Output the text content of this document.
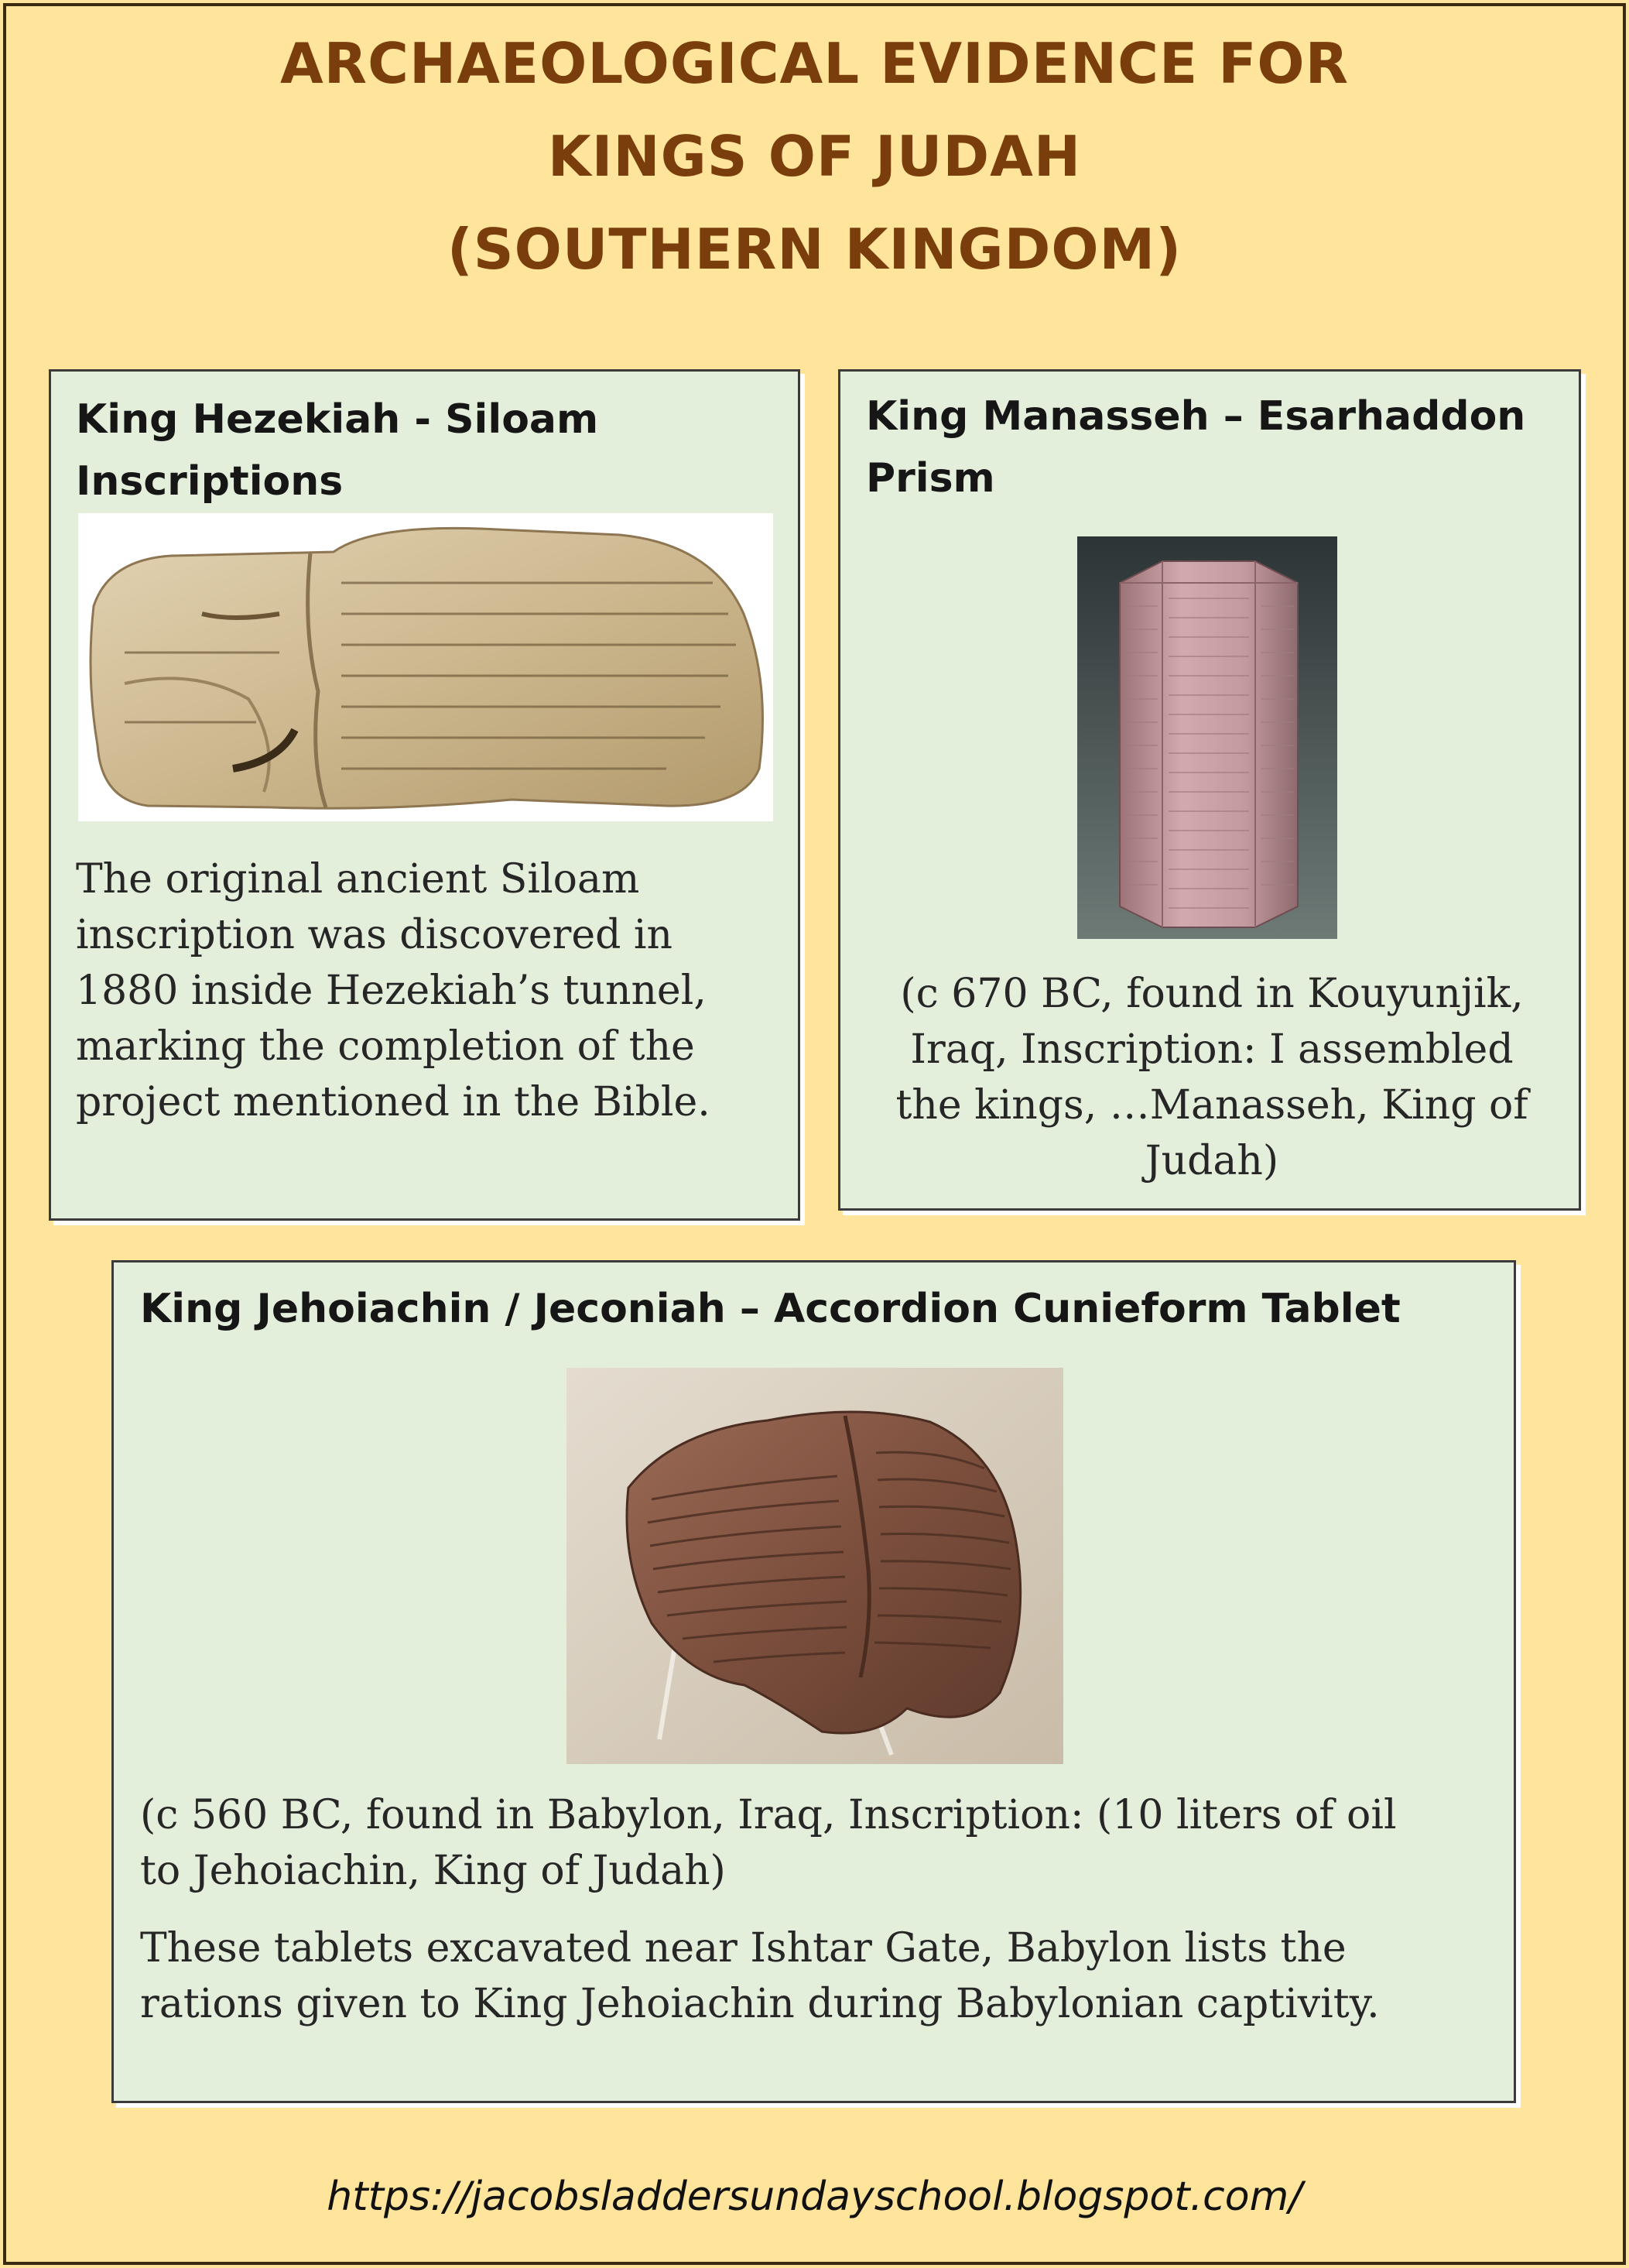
ARCHAEOLOGICAL EVIDENCE FOR
KINGS OF JUDAH
(SOUTHERN KINGDOM)
King Hezekiah - Siloam
Inscriptions
The original ancient Siloam
inscription was discovered in
1880 inside Hezekiah’s tunnel,
marking the completion of the
project mentioned in the Bible.
King Manasseh – Esarhaddon
Prism
(c 670 BC, found in Kouyunjik,
Iraq, Inscription: I assembled
the kings, …Manasseh, King of
Judah)
King Jehoiachin / Jeconiah – Accordion Cunieform Tablet
(c 560 BC, found in Babylon, Iraq, Inscription: (10 liters of oil
to Jehoiachin, King of Judah)
These tablets excavated near Ishtar Gate, Babylon lists the
rations given to King Jehoiachin during Babylonian captivity.
https://jacobsladdersundayschool.blogspot.com/
